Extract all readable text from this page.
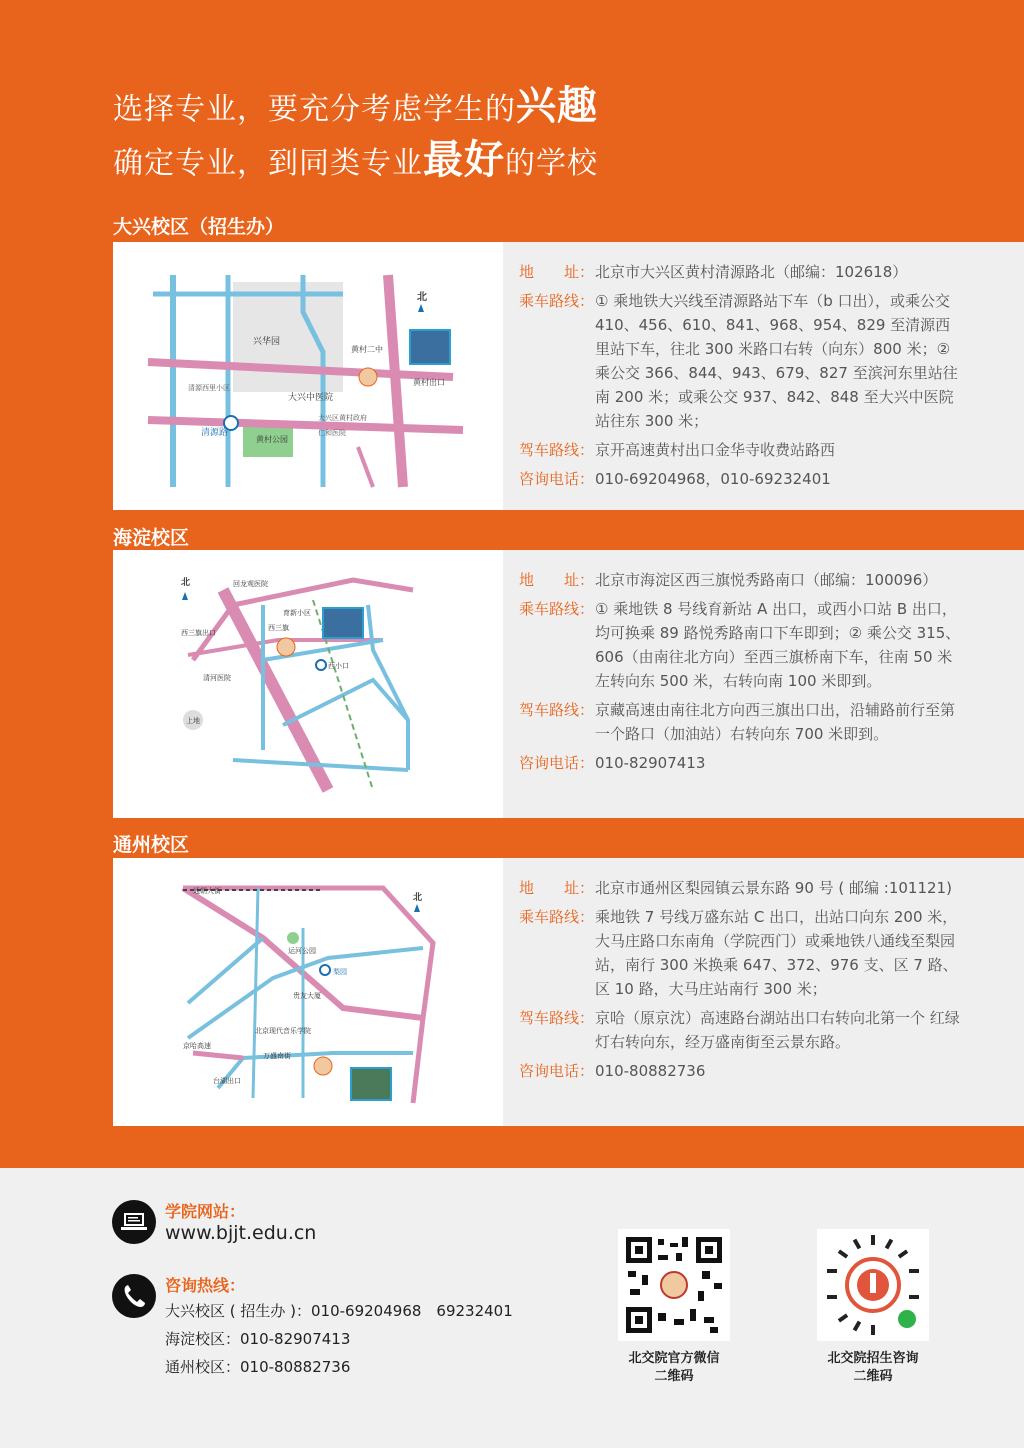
选择专业，要充分考虑学生的兴趣
确定专业，到同类专业最好的学校
大兴校区（招生办）
北
兴华园
大兴中医院
黄村出口
清源路
黄村公园
黄村二中
清源西里小区
仁和医院
大兴区黄村政府
地　　址： 北京市大兴区黄村清源路北（邮编：102618）
乘车路线： ① 乘地铁大兴线至清源路站下车（b 口出），或乘公交 410、456、610、841、968、954、829 至清源西里站下车，往北 300 米路口右转（向东）800 米；② 乘公交 366、844、943、679、827 至滨河东里站往南 200 米；或乘公交 937、842、848 至大兴中医院站往东 300 米；
驾车路线： 京开高速黄村出口金华寺收费站路西
咨询电话： 010-69204968，010-69232401
海淀校区
北	回龙观医院
西三旗
西小口
西三旗出口
育新小区
上地
清河医院
地　　址： 北京市海淀区西三旗悦秀路南口（邮编：100096）
乘车路线： ① 乘地铁 8 号线育新站 A 出口，或西小口站 B 出口，均可换乘 89 路悦秀路南口下车即到；② 乘公交 315、606（由南往北方向）至西三旗桥南下车，往南 50 米左转向东 500 米，右转向南 100 米即到。
驾车路线： 京藏高速由南往北方向西三旗出口出，沿辅路前行至第一个路口（加油站）右转向东 700 米即到。
咨询电话： 010-82907413
通州校区
北
运河公园
梨园
贵友大厦
北京现代音乐学院
通朝大街
万盛南街
京哈高速
台湖出口
地　　址： 北京市通州区梨园镇云景东路 90 号 ( 邮编 :101121)
乘车路线： 乘地铁 7 号线万盛东站 C 出口，出站口向东 200 米，大马庄路口东南角（学院西门）或乘地铁八通线至梨园站，南行 300 米换乘 647、372、976 支、区 7 路、区 10 路，大马庄站南行 300 米；
驾车路线： 京哈（原京沈）高速路台湖站出口右转向北第一个 红绿灯右转向东，经万盛南街至云景东路。
咨询电话： 010-80882736
学院网站：
www.bjjt.edu.cn
咨询热线：
大兴校区 ( 招生办 )：010-69204968　69232401
海淀校区：010-82907413
通州校区：010-80882736	北交院官方微信
二维码
北交院招生咨询
二维码
